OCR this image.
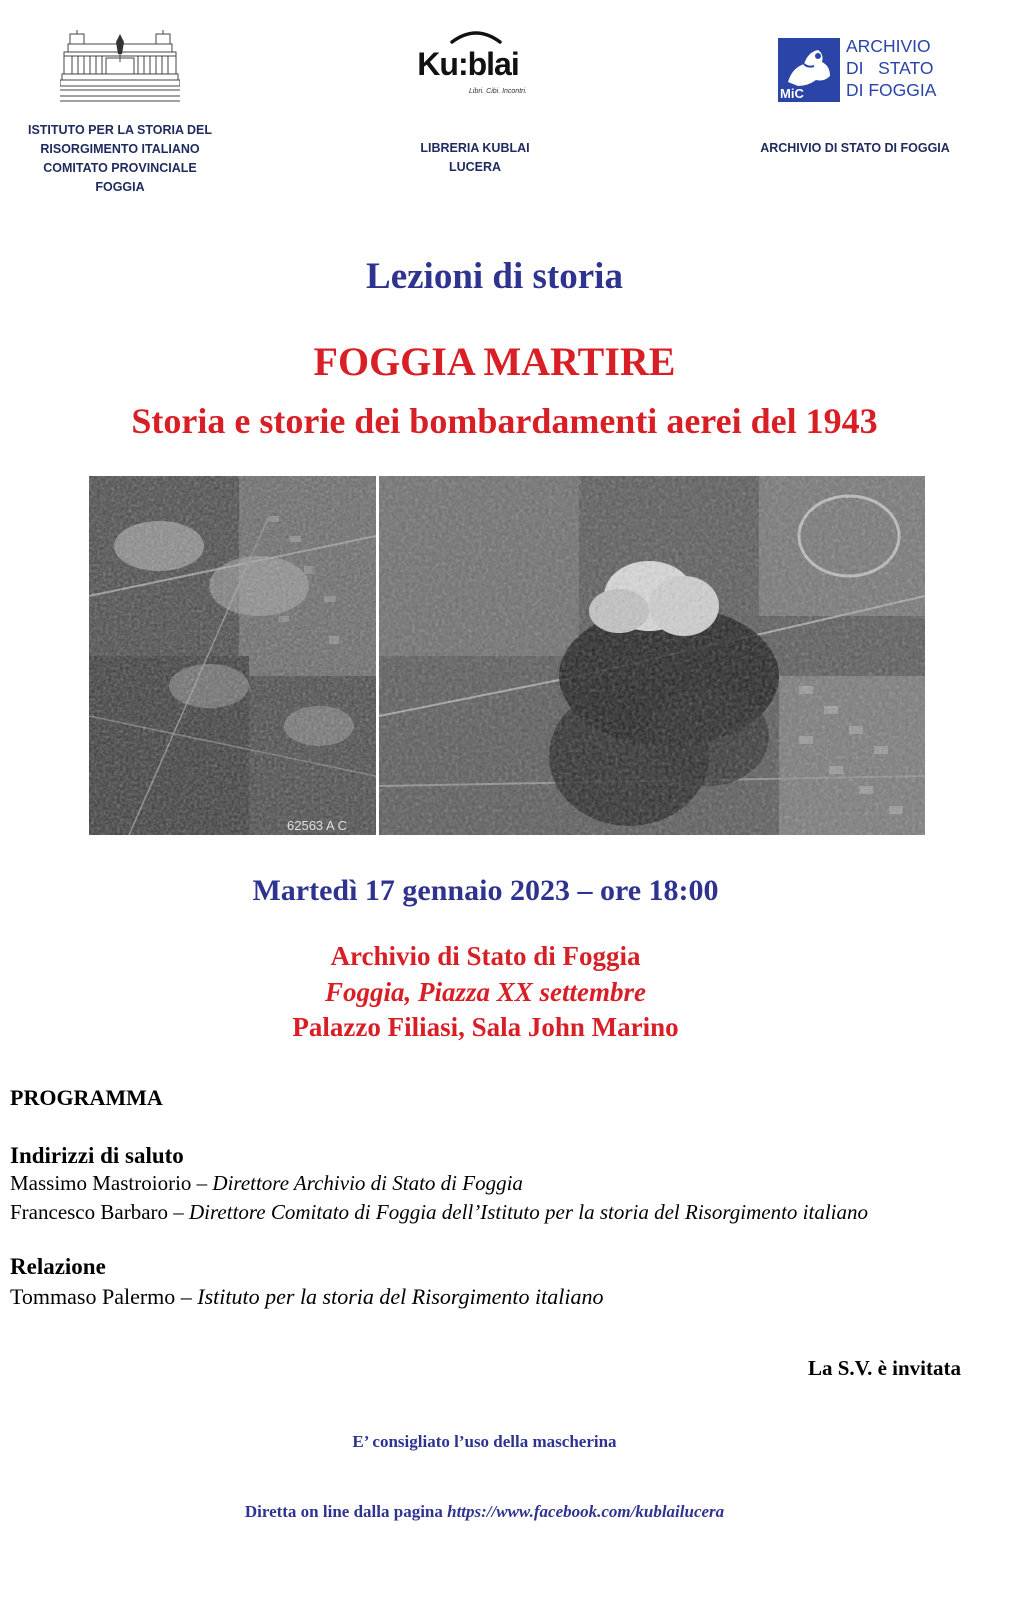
ISTITUTO PER LA STORIA DEL
RISORGIMENTO ITALIANO
COMITATO PROVINCIALE
FOGGIA
Ku:blai
Libri. Cibi. Incontri.
LIBRERIA KUBLAI
LUCERA
MiC
ARCHIVIO
DI   STATO
DI FOGGIA
ARCHIVIO DI STATO DI FOGGIA
Lezioni di storia
FOGGIA MARTIRE
Storia e storie dei bombardamenti aerei del 1943
62563 A C
Martedì 17 gennaio 2023 – ore 18:00
Archivio di Stato di Foggia
Foggia, Piazza XX settembre
Palazzo Filiasi, Sala John Marino
PROGRAMMA
Indirizzi di saluto
Massimo Mastroiorio – Direttore Archivio di Stato di Foggia
Francesco Barbaro – Direttore Comitato di Foggia dell’Istituto per la storia del Risorgimento italiano
Relazione
Tommaso Palermo – Istituto per la storia del Risorgimento italiano
La S.V. è invitata
E’ consigliato l’uso della mascherina
Diretta on line dalla pagina https://www.facebook.com/kublailucera
